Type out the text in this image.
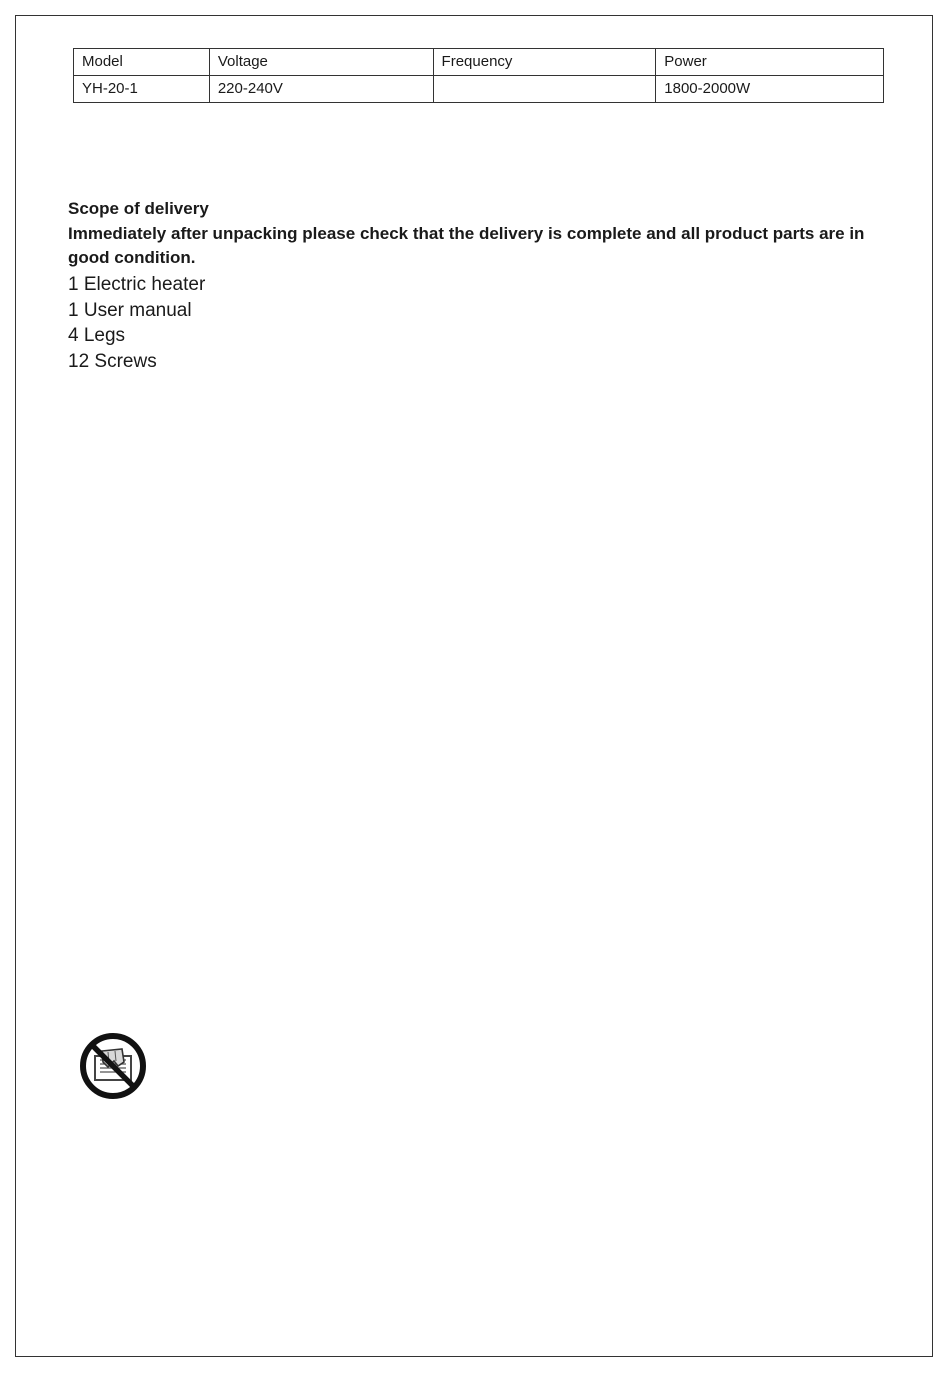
Model	Voltage	Frequency	Power
YH-20-1	220-240V		1800-2000W

Scope of delivery

Immediately after unpacking please check that the delivery is complete and all product parts are in good condition.

1 Electric heater
1 User manual
4 Legs
12 Screws
